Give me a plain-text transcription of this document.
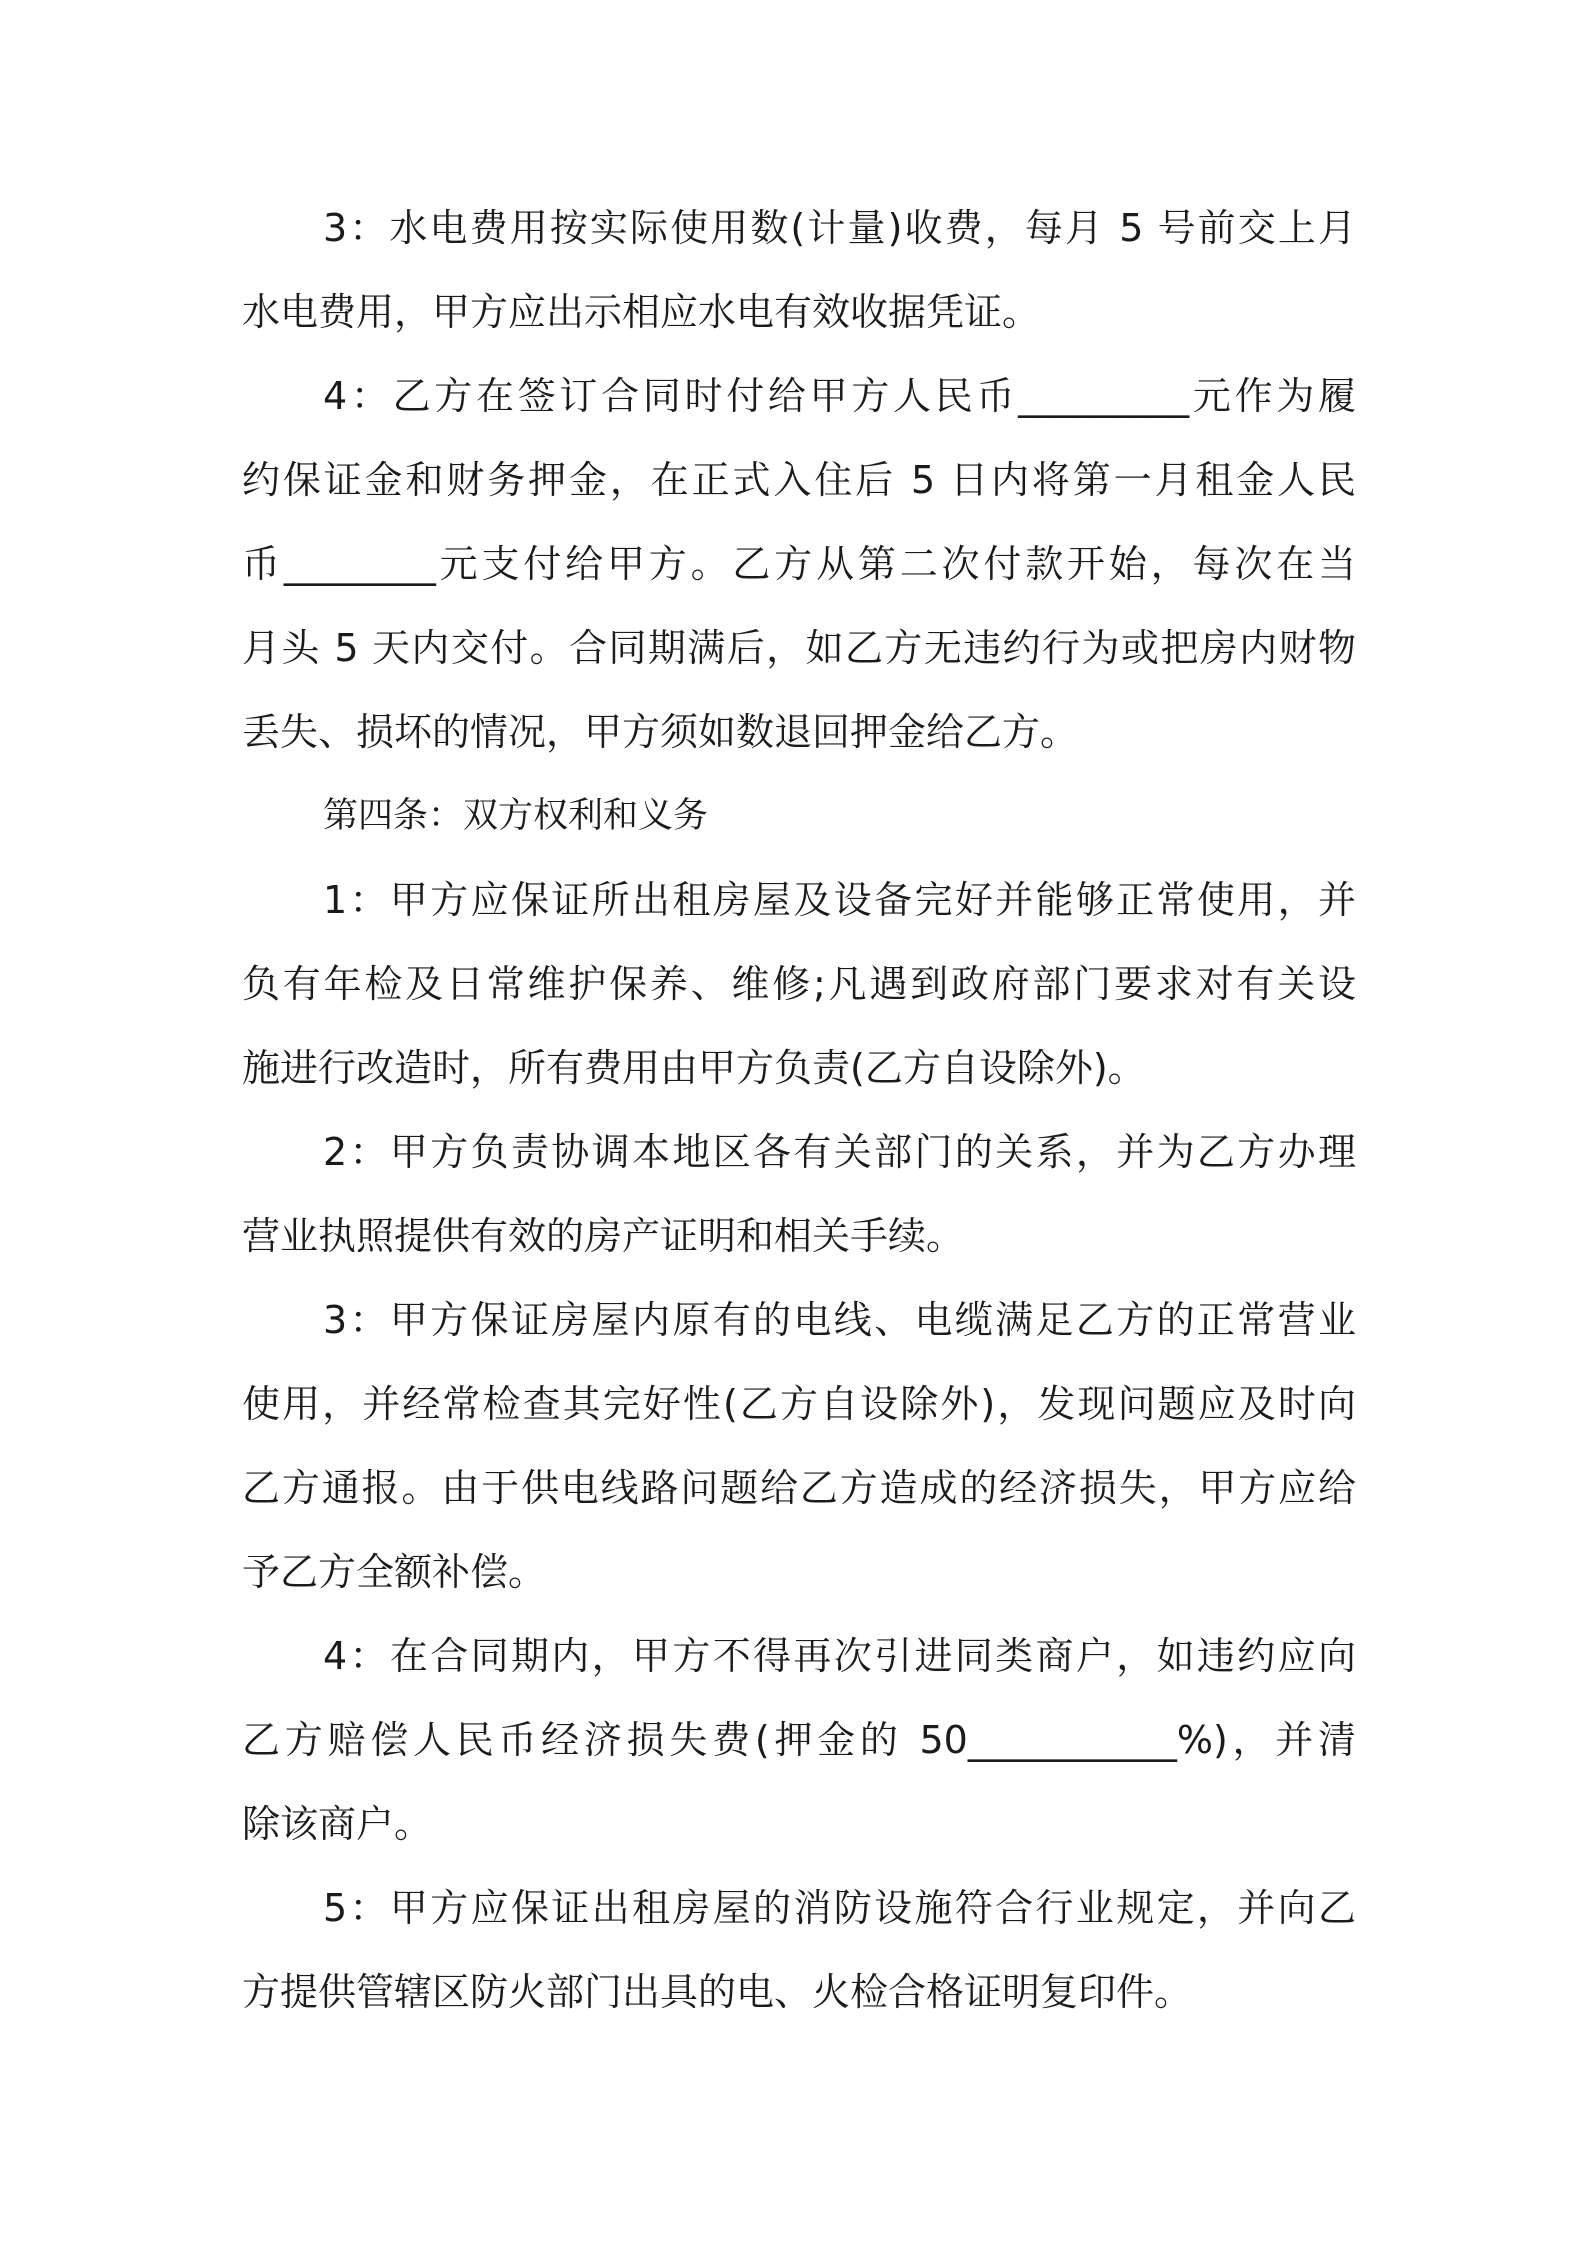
3：水电费用按实际使用数(计量)收费，每月 5 号前交上月
水电费用，甲方应出示相应水电有效收据凭证。
4：乙方在签订合同时付给甲方人民币_________元作为履
约保证金和财务押金，在正式入住后 5 日内将第一月租金人民
币________元支付给甲方。乙方从第二次付款开始，每次在当
月头 5 天内交付。合同期满后，如乙方无违约行为或把房内财物
丢失、损坏的情况，甲方须如数退回押金给乙方。
第四条：双方权利和义务
1：甲方应保证所出租房屋及设备完好并能够正常使用，并
负有年检及日常维护保养、维修;凡遇到政府部门要求对有关设
施进行改造时，所有费用由甲方负责(乙方自设除外)。
2：甲方负责协调本地区各有关部门的关系，并为乙方办理
营业执照提供有效的房产证明和相关手续。
3：甲方保证房屋内原有的电线、电缆满足乙方的正常营业
使用，并经常检查其完好性(乙方自设除外)，发现问题应及时向
乙方通报。由于供电线路问题给乙方造成的经济损失，甲方应给
予乙方全额补偿。
4：在合同期内，甲方不得再次引进同类商户，如违约应向
乙方赔偿人民币经济损失费(押金的 50___________%)，并清
除该商户。
5：甲方应保证出租房屋的消防设施符合行业规定，并向乙
方提供管辖区防火部门出具的电、火检合格证明复印件。
